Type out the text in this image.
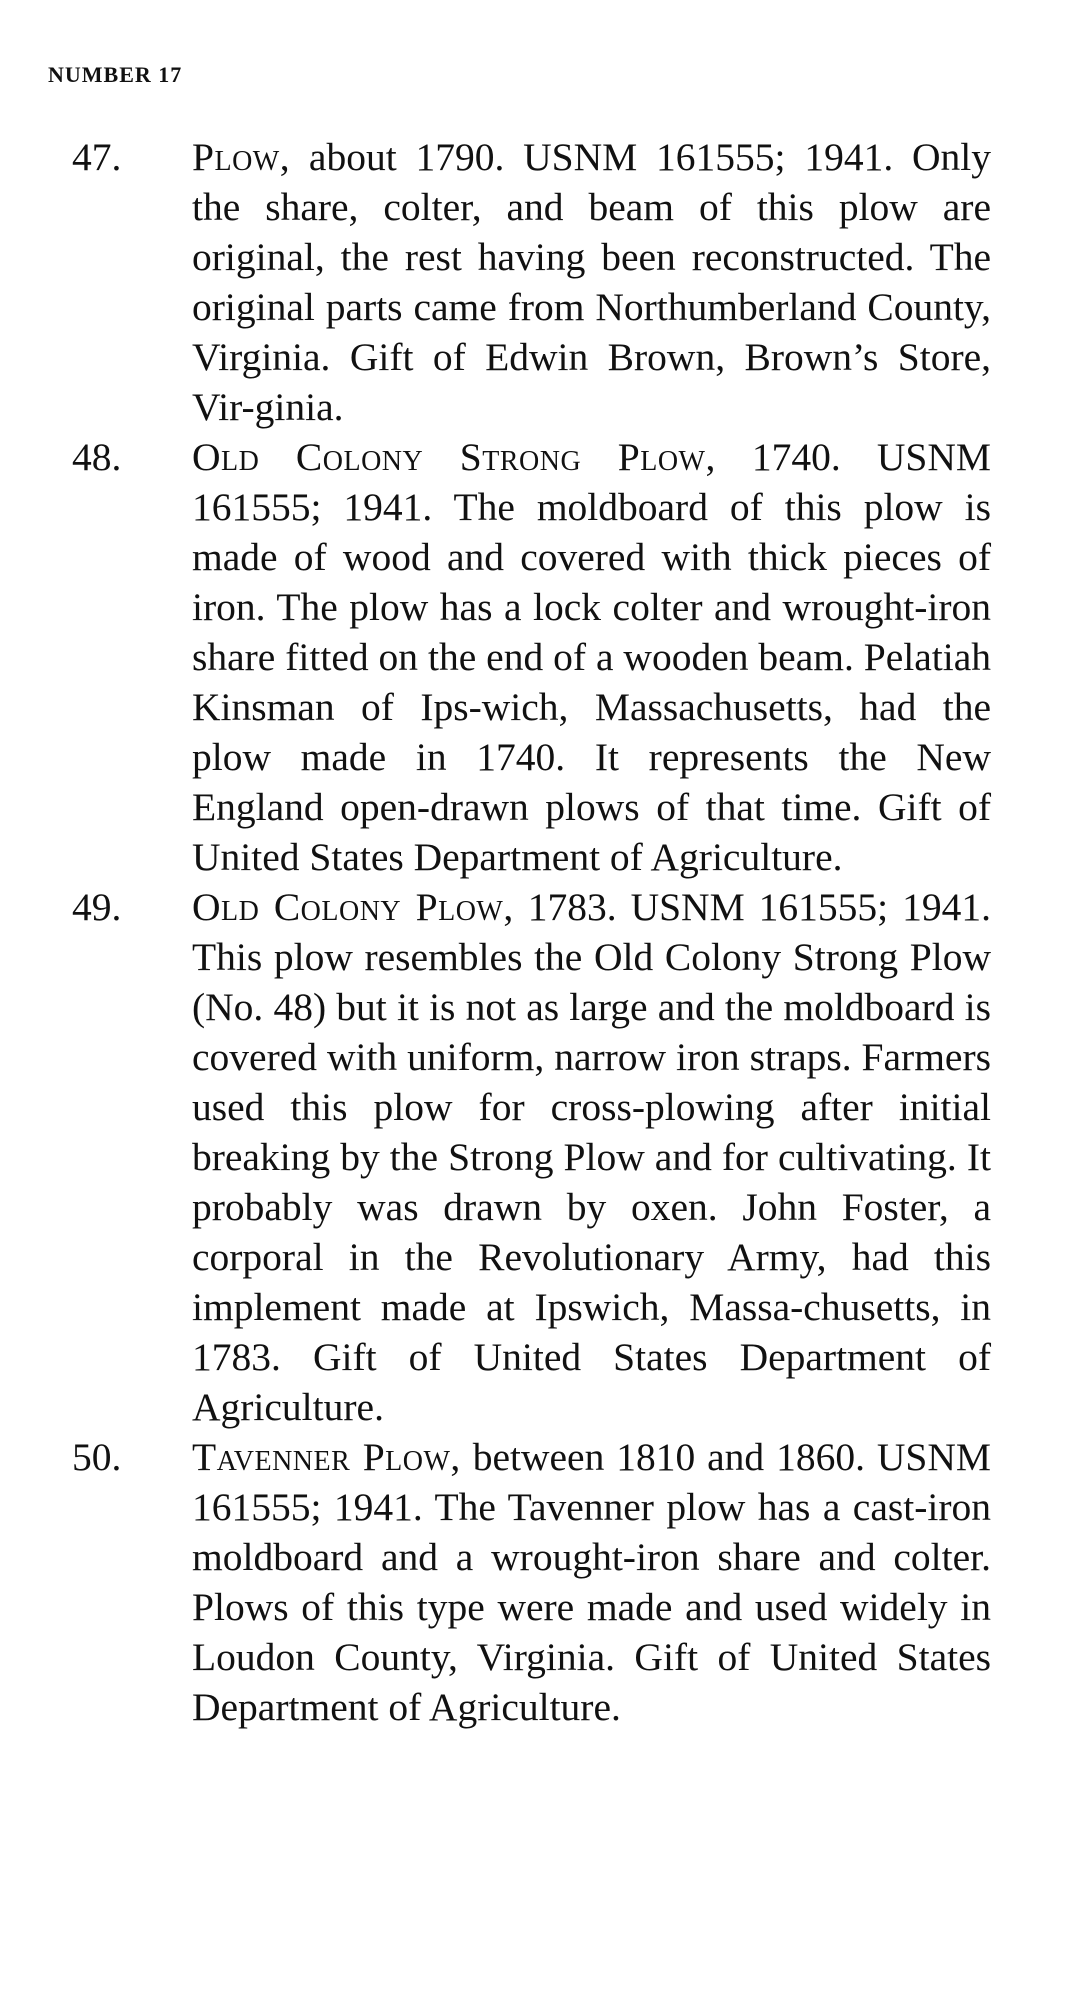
NUMBER 17
47. Plow, about 1790. USNM 161555; 1941. Only the share, colter, and beam of this plow are original, the rest having been reconstructed. The original parts came from Northumberland County, Virginia. Gift of Edwin Brown, Brown’s Store, Vir-ginia.
48. Old Colony Strong Plow, 1740. USNM 161555; 1941. The moldboard of this plow is made of wood and covered with thick pieces of iron. The plow has a lock colter and wrought-iron share fitted on the end of a wooden beam. Pelatiah Kinsman of Ips-wich, Massachusetts, had the plow made in 1740. It represents the New England open-drawn plows of that time. Gift of United States Department of Agriculture.
49. Old Colony Plow, 1783. USNM 161555; 1941. This plow resembles the Old Colony Strong Plow (No. 48) but it is not as large and the moldboard is covered with uniform, narrow iron straps. Farmers used this plow for cross-plowing after initial breaking by the Strong Plow and for cultivating. It probably was drawn by oxen. John Foster, a corporal in the Revolutionary Army, had this implement made at Ipswich, Massa-chusetts, in 1783. Gift of United States Department of Agriculture.
50. Tavenner Plow, between 1810 and 1860. USNM 161555; 1941. The Tavenner plow has a cast-iron moldboard and a wrought-iron share and colter. Plows of this type were made and used widely in Loudon County, Virginia. Gift of United States Department of Agriculture.
